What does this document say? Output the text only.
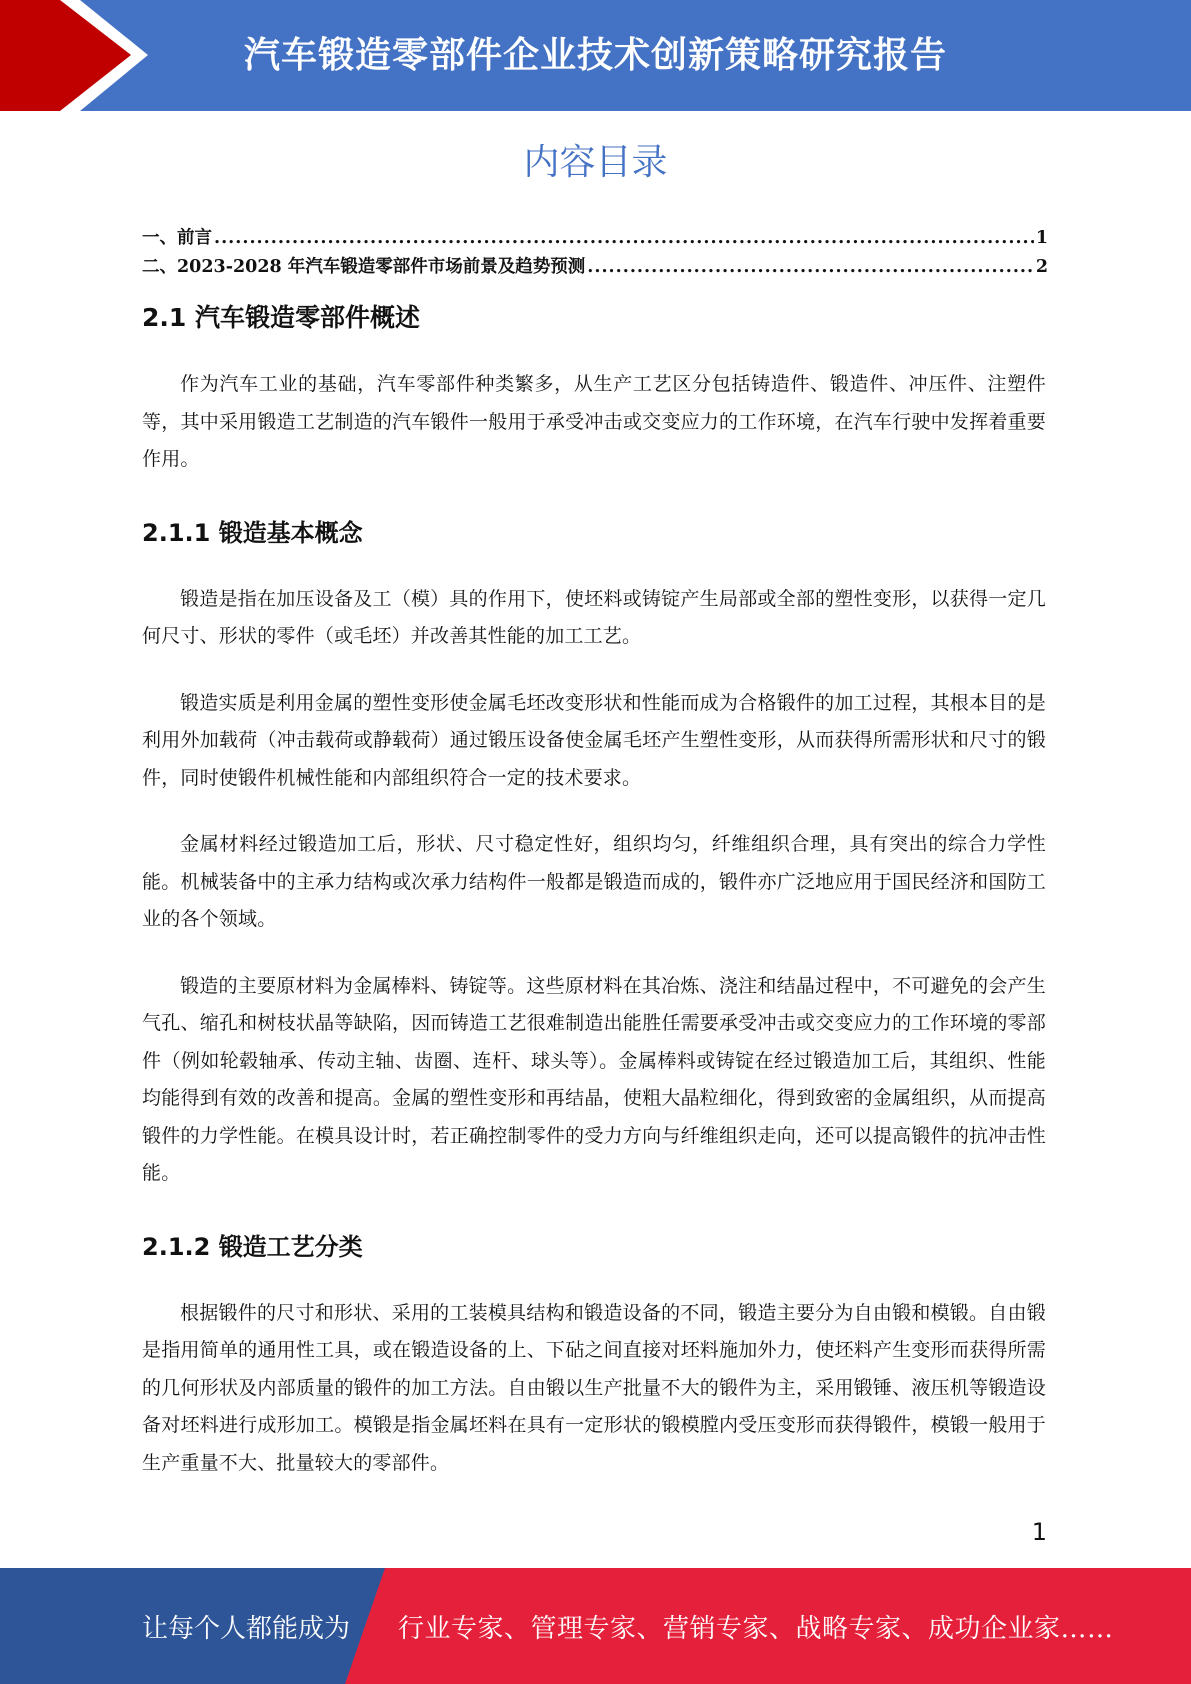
汽车锻造零部件企业技术创新策略研究报告
内容目录
一、前言 .....	1
二、2023-2028 年汽车锻造零部件市场前景及趋势预测 .....	2
2.1 汽车锻造零部件概述

作为汽车工业的基础，汽车零部件种类繁多，从生产工艺区分包括铸造件、锻造件、冲压件、注塑件等，其中采用锻造工艺制造的汽车锻件一般用于承受冲击或交变应力的工作环境，在汽车行驶中发挥着重要作用。

2.1.1 锻造基本概念

锻造是指在加压设备及工（模）具的作用下，使坯料或铸锭产生局部或全部的塑性变形，以获得一定几何尺寸、形状的零件（或毛坯）并改善其性能的加工工艺。

锻造实质是利用金属的塑性变形使金属毛坯改变形状和性能而成为合格锻件的加工过程，其根本目的是利用外加载荷（冲击载荷或静载荷）通过锻压设备使金属毛坯产生塑性变形，从而获得所需形状和尺寸的锻件，同时使锻件机械性能和内部组织符合一定的技术要求。

金属材料经过锻造加工后，形状、尺寸稳定性好，组织均匀，纤维组织合理，具有突出的综合力学性能。机械装备中的主承力结构或次承力结构件一般都是锻造而成的，锻件亦广泛地应用于国民经济和国防工业的各个领域。

锻造的主要原材料为金属棒料、铸锭等。这些原材料在其冶炼、浇注和结晶过程中，不可避免的会产生气孔、缩孔和树枝状晶等缺陷，因而铸造工艺很难制造出能胜任需要承受冲击或交变应力的工作环境的零部件（例如轮毂轴承、传动主轴、齿圈、连杆、球头等）。金属棒料或铸锭在经过锻造加工后，其组织、性能均能得到有效的改善和提高。金属的塑性变形和再结晶，使粗大晶粒细化，得到致密的金属组织，从而提高锻件的力学性能。在模具设计时，若正确控制零件的受力方向与纤维组织走向，还可以提高锻件的抗冲击性能。

2.1.2 锻造工艺分类

根据锻件的尺寸和形状、采用的工装模具结构和锻造设备的不同，锻造主要分为自由锻和模锻。自由锻是指用简单的通用性工具，或在锻造设备的上、下砧之间直接对坯料施加外力，使坯料产生变形而获得所需的几何形状及内部质量的锻件的加工方法。自由锻以生产批量不大的锻件为主，采用锻锤、液压机等锻造设备对坯料进行成形加工。模锻是指金属坯料在具有一定形状的锻模膛内受压变形而获得锻件，模锻一般用于生产重量不大、批量较大的零部件。

1
让每个人都能成为 行业专家、管理专家、营销专家、战略专家、成功企业家……
